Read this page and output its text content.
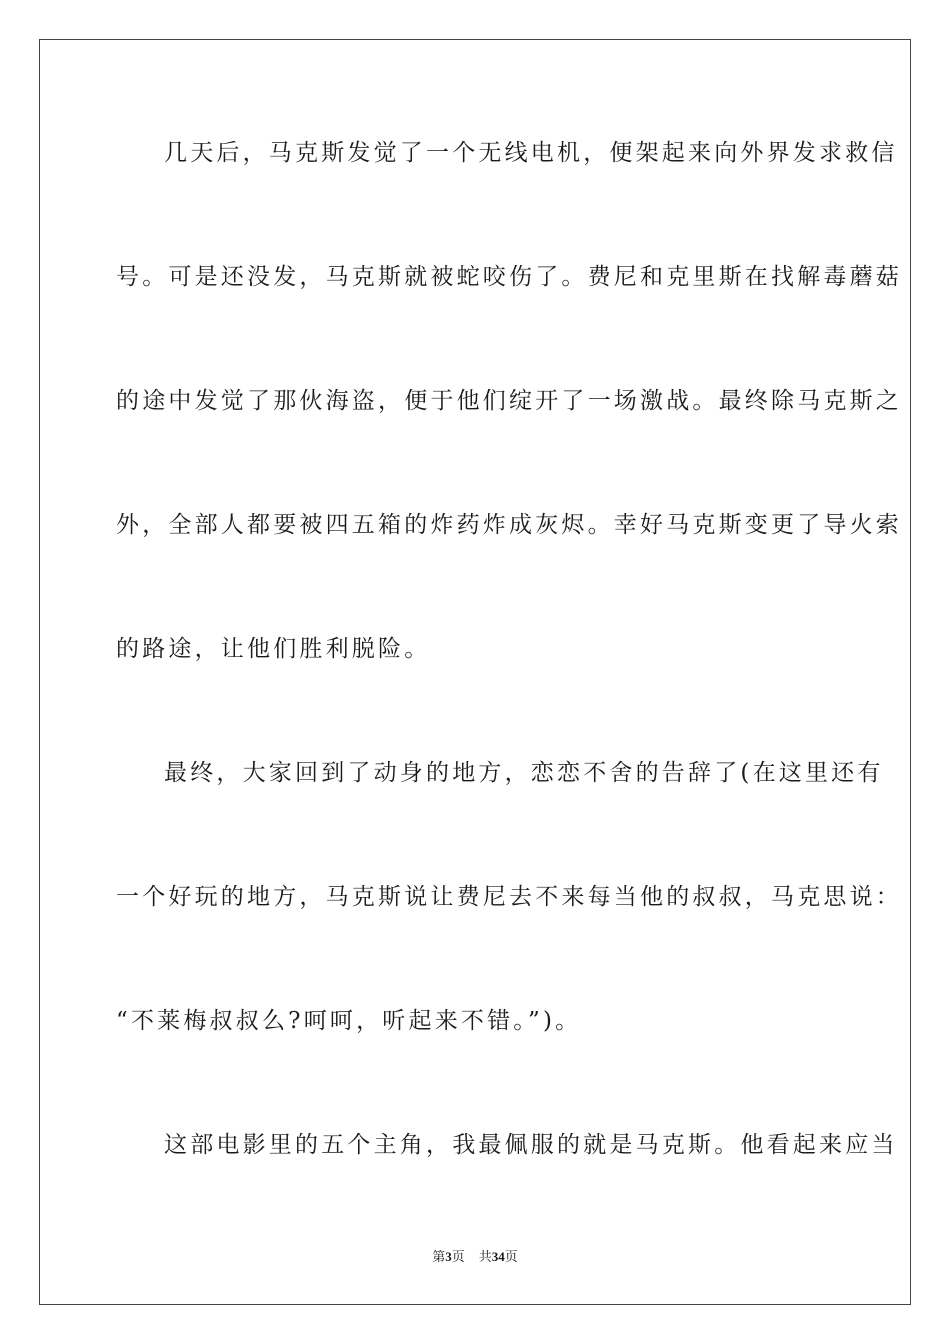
几天后，马克斯发觉了一个无线电机，便架起来向外界发求救信
号。可是还没发，马克斯就被蛇咬伤了。费尼和克里斯在找解毒蘑菇
的途中发觉了那伙海盗，便于他们绽开了一场激战。最终除马克斯之
外，全部人都要被四五箱的炸药炸成灰烬。幸好马克斯变更了导火索
的路途，让他们胜利脱险。
最终，大家回到了动身的地方，恋恋不舍的告辞了(在这里还有
一个好玩的地方，马克斯说让费尼去不来每当他的叔叔，马克思说：
“不莱梅叔叔么?呵呵，听起来不错。”)。
这部电影里的五个主角，我最佩服的就是马克斯。他看起来应当
第3页 共34页
